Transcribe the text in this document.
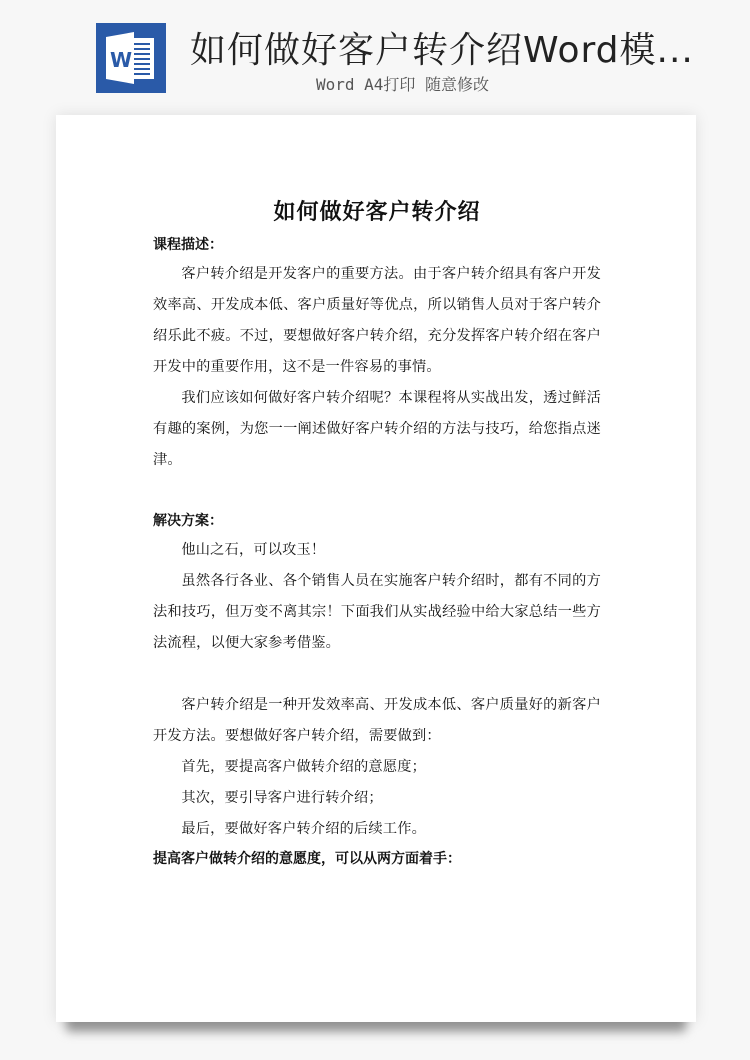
W 如何做好客户转介绍Word模...
Word A4打印 随意修改
如何做好客户转介绍
课程描述：

客户转介绍是开发客户的重要方法。由于客户转介绍具有客户开发效率高、开发成本低、客户质量好等优点，所以销售人员对于客户转介绍乐此不疲。不过，要想做好客户转介绍，充分发挥客户转介绍在客户开发中的重要作用，这不是一件容易的事情。

我们应该如何做好客户转介绍呢？本课程将从实战出发，透过鲜活有趣的案例，为您一一阐述做好客户转介绍的方法与技巧，给您指点迷津。

解决方案：

他山之石，可以攻玉！

虽然各行各业、各个销售人员在实施客户转介绍时，都有不同的方法和技巧，但万变不离其宗！下面我们从实战经验中给大家总结一些方法流程，以便大家参考借鉴。

客户转介绍是一种开发效率高、开发成本低、客户质量好的新客户开发方法。要想做好客户转介绍，需要做到：

首先，要提高客户做转介绍的意愿度；

其次，要引导客户进行转介绍；

最后，要做好客户转介绍的后续工作。

提高客户做转介绍的意愿度，可以从两方面着手：
